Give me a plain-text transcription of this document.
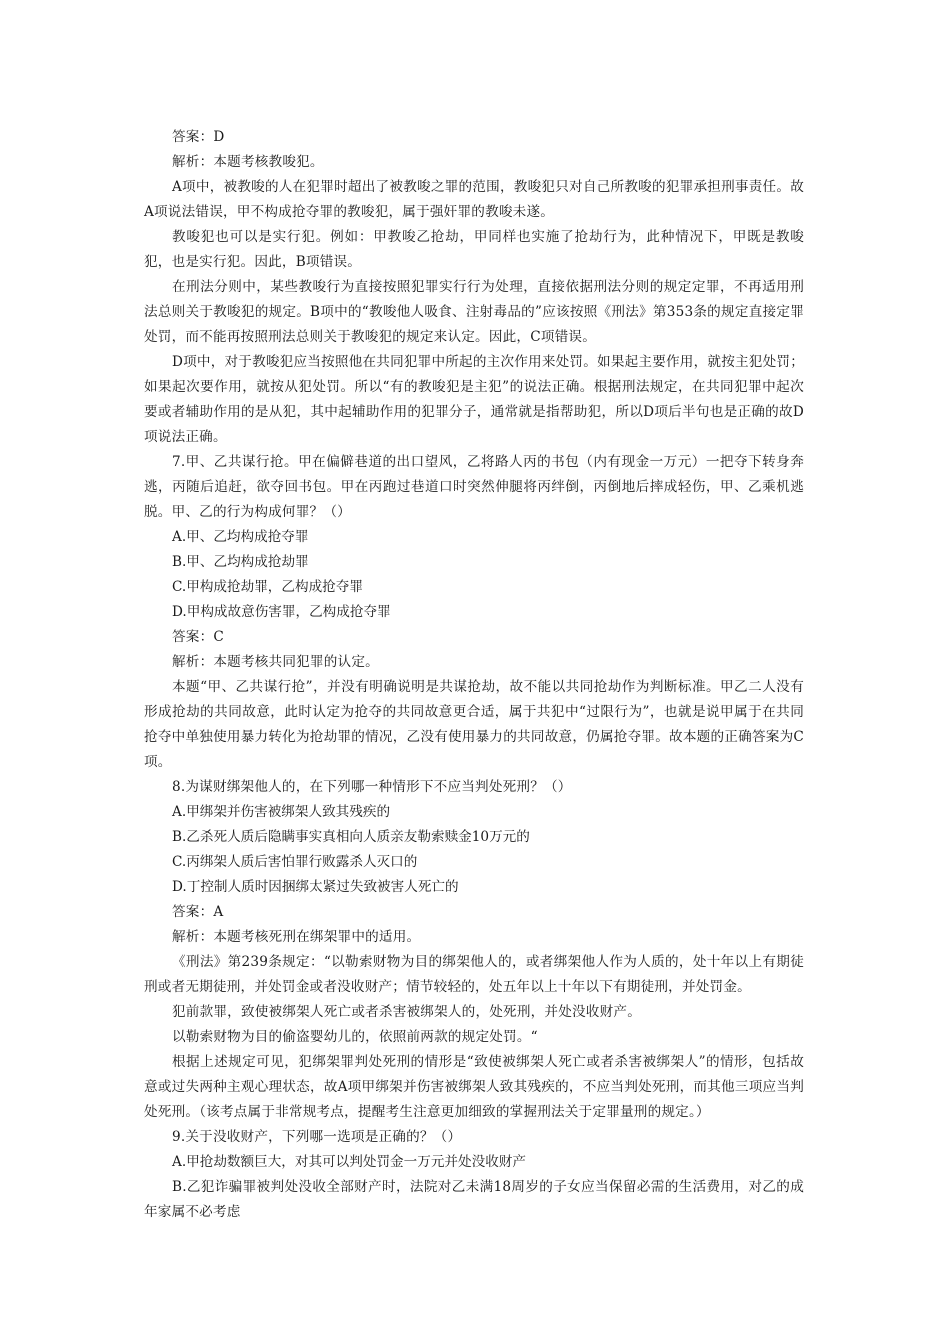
答案：D

解析：本题考核教唆犯。

A项中，被教唆的人在犯罪时超出了被教唆之罪的范围，教唆犯只对自己所教唆的犯罪承担刑事责任。故A项说法错误，甲不构成抢夺罪的教唆犯，属于强奸罪的教唆未遂。

教唆犯也可以是实行犯。例如：甲教唆乙抢劫，甲同样也实施了抢劫行为，此种情况下，甲既是教唆犯，也是实行犯。因此，B项错误。

在刑法分则中，某些教唆行为直接按照犯罪实行行为处理，直接依据刑法分则的规定定罪，不再适用刑法总则关于教唆犯的规定。B项中的“教唆他人吸食、注射毒品的”应该按照《刑法》第353条的规定直接定罪处罚，而不能再按照刑法总则关于教唆犯的规定来认定。因此，C项错误。

D项中，对于教唆犯应当按照他在共同犯罪中所起的主次作用来处罚。如果起主要作用，就按主犯处罚；如果起次要作用，就按从犯处罚。所以“有的教唆犯是主犯”的说法正确。根据刑法规定，在共同犯罪中起次要或者辅助作用的是从犯，其中起辅助作用的犯罪分子，通常就是指帮助犯，所以D项后半句也是正确的故D项说法正确。

7.甲、乙共谋行抢。甲在偏僻巷道的出口望风，乙将路人丙的书包（内有现金一万元）一把夺下转身奔逃，丙随后追赶，欲夺回书包。甲在丙跑过巷道口时突然伸腿将丙绊倒，丙倒地后摔成轻伤，甲、乙乘机逃脱。甲、乙的行为构成何罪？（）

A.甲、乙均构成抢夺罪

B.甲、乙均构成抢劫罪

C.甲构成抢劫罪，乙构成抢夺罪

D.甲构成故意伤害罪，乙构成抢夺罪

答案：C

解析：本题考核共同犯罪的认定。

本题“甲、乙共谋行抢”，并没有明确说明是共谋抢劫，故不能以共同抢劫作为判断标准。甲乙二人没有形成抢劫的共同故意，此时认定为抢夺的共同故意更合适，属于共犯中“过限行为”，也就是说甲属于在共同抢夺中单独使用暴力转化为抢劫罪的情况，乙没有使用暴力的共同故意，仍属抢夺罪。故本题的正确答案为C项。

8.为谋财绑架他人的，在下列哪一种情形下不应当判处死刑？（）

A.甲绑架并伤害被绑架人致其残疾的

B.乙杀死人质后隐瞒事实真相向人质亲友勒索赎金10万元的

C.丙绑架人质后害怕罪行败露杀人灭口的

D.丁控制人质时因捆绑太紧过失致被害人死亡的

答案：A

解析：本题考核死刑在绑架罪中的适用。

《刑法》第239条规定：“以勒索财物为目的绑架他人的，或者绑架他人作为人质的，处十年以上有期徒刑或者无期徒刑，并处罚金或者没收财产；情节较轻的，处五年以上十年以下有期徒刑，并处罚金。

犯前款罪，致使被绑架人死亡或者杀害被绑架人的，处死刑，并处没收财产。

以勒索财物为目的偷盗婴幼儿的，依照前两款的规定处罚。“

根据上述规定可见，犯绑架罪判处死刑的情形是“致使被绑架人死亡或者杀害被绑架人”的情形，包括故意或过失两种主观心理状态，故A项甲绑架并伤害被绑架人致其残疾的，不应当判处死刑，而其他三项应当判处死刑。（该考点属于非常规考点，提醒考生注意更加细致的掌握刑法关于定罪量刑的规定。）

9.关于没收财产，下列哪一选项是正确的？（）

A.甲抢劫数额巨大，对其可以判处罚金一万元并处没收财产

B.乙犯诈骗罪被判处没收全部财产时，法院对乙未满18周岁的子女应当保留必需的生活费用，对乙的成年家属不必考虑
